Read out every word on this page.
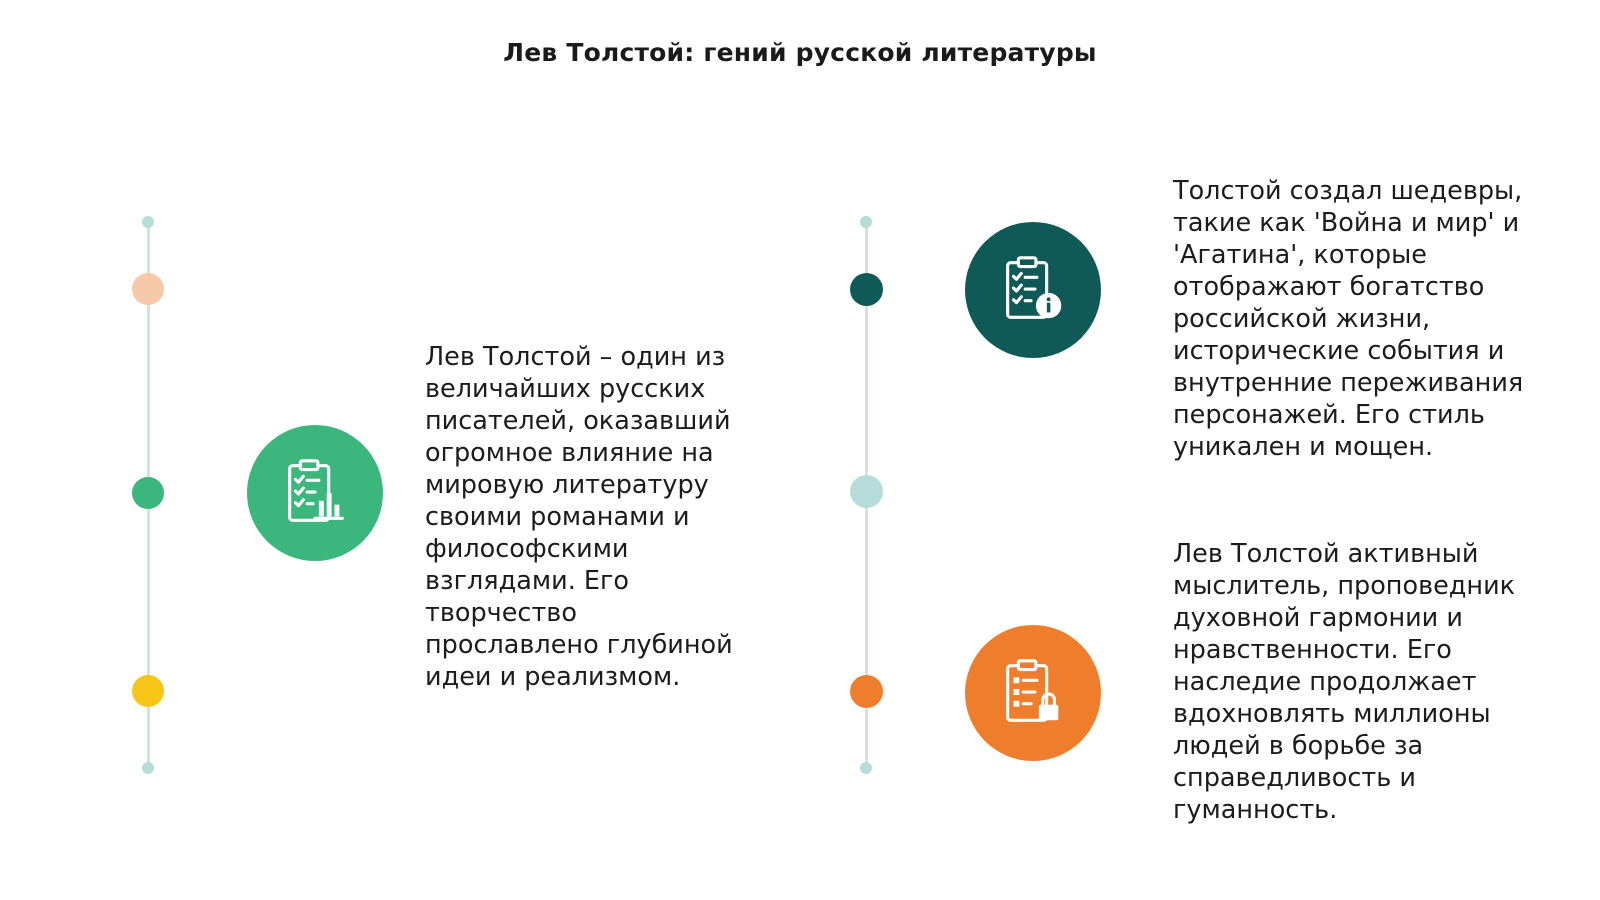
Лев Толстой: гений русской литературы
Лев Толстой – один из
величайших русских
писателей, оказавший
огромное влияние на
мировую литературу
своими романами и
философскими
взглядами. Его
творчество
прославлено глубиной
идеи и реализмом.
Толстой создал шедевры,
такие как 'Война и мир' и
'Агатина', которые
отображают богатство
российской жизни,
исторические события и
внутренние переживания
персонажей. Его стиль
уникален и мощен.
Лев Толстой активный
мыслитель, проповедник
духовной гармонии и
нравственности. Его
наследие продолжает
вдохновлять миллионы
людей в борьбе за
справедливость и
гуманность.
